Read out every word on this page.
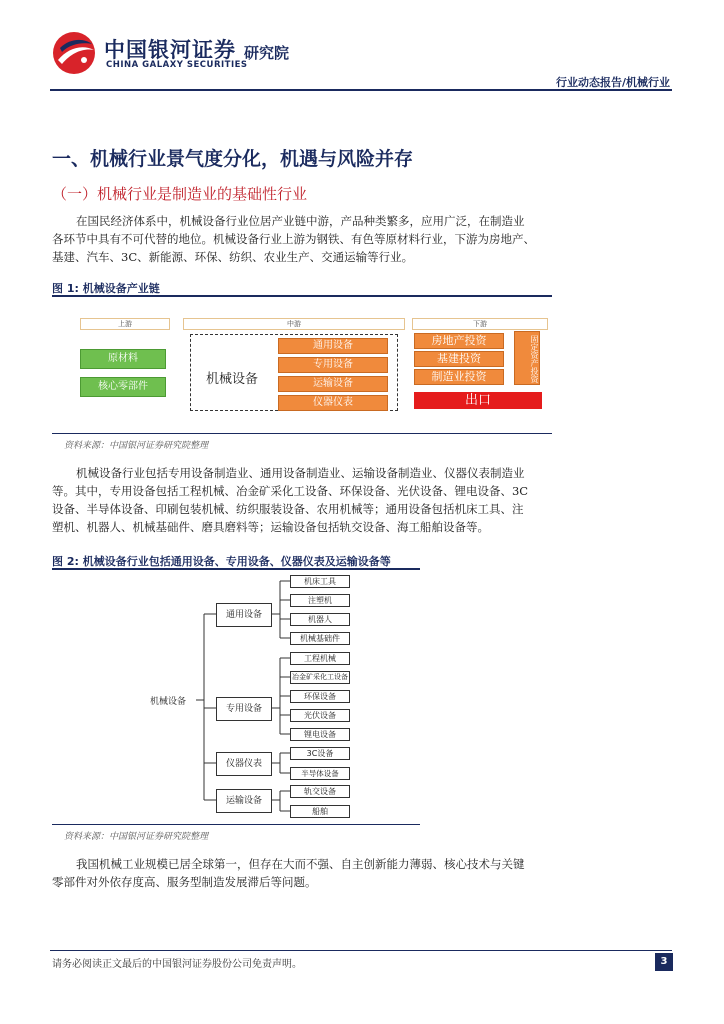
中国银河证券
CHINA GALAXY SECURITIES
研究院
行业动态报告/机械行业
一、机械行业景气度分化，机遇与风险并存
（一）机械行业是制造业的基础性行业
在国民经济体系中，机械设备行业位居产业链中游，产品种类繁多，应用广泛，在制造业
各环节中具有不可代替的地位。机械设备行业上游为钢铁、有色等原材料行业，下游为房地产、
基建、汽车、3C、新能源、环保、纺织、农业生产、交通运输等行业。
图 1: 机械设备产业链
上游	中游	下游
原材料
核心零部件	机械设备
通用设备
专用设备
运输设备
仪器仪表
房地产投资
基建投资
制造业投资	固定资产投资
出口
资料来源：中国银河证券研究院整理
机械设备行业包括专用设备制造业、通用设备制造业、运输设备制造业、仪器仪表制造业
等。其中，专用设备包括工程机械、冶金矿采化工设备、环保设备、光伏设备、锂电设备、3C
设备、半导体设备、印刷包装机械、纺织服装设备、农用机械等；通用设备包括机床工具、注
塑机、机器人、机械基础件、磨具磨料等；运输设备包括轨交设备、海工船舶设备等。
图 2: 机械设备行业包括通用设备、专用设备、仪器仪表及运输设备等
机械设备
通用设备
专用设备
仪器仪表
运输设备
机床工具
注塑机
机器人
机械基础件
工程机械
冶金矿采化工设备
环保设备
光伏设备
锂电设备
3C设备
半导体设备
轨交设备
船舶
资料来源：中国银河证券研究院整理
我国机械工业规模已居全球第一，但存在大而不强、自主创新能力薄弱、核心技术与关键
零部件对外依存度高、服务型制造发展滞后等问题。
请务必阅读正文最后的中国银河证券股份公司免责声明。	3
